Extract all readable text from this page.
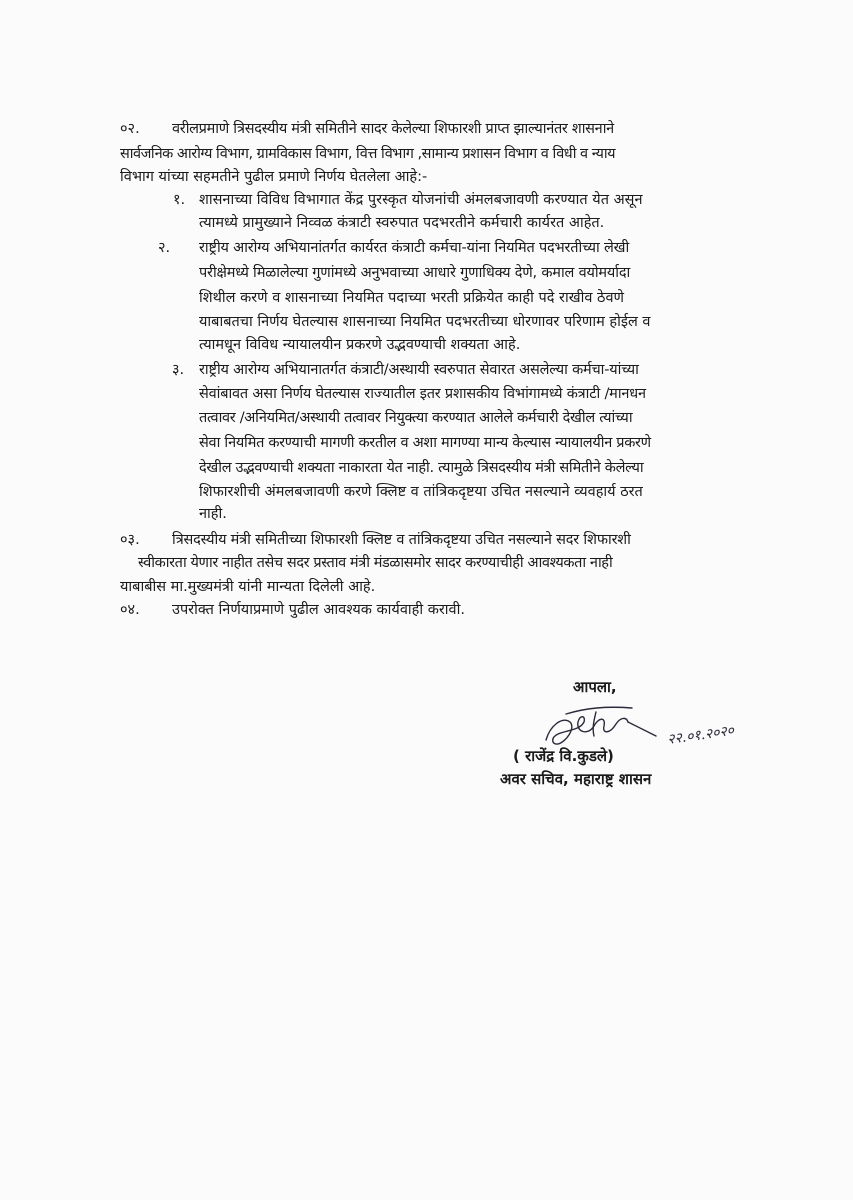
०२. वरीलप्रमाणे त्रिसदस्यीय मंत्री समितीने सादर केलेल्या शिफारशी प्राप्त झाल्यानंतर शासनाने
सार्वजनिक आरोग्य विभाग, ग्रामविकास विभाग, वित्त विभाग ,सामान्य प्रशासन विभाग व विधी व न्याय
विभाग यांच्या सहमतीने पुढील प्रमाणे निर्णय घेतलेला आहे:-
१. शासनाच्या विविध विभागात केंद्र पुरस्कृत योजनांची अंमलबजावणी करण्यात येत असून
त्यामध्ये प्रामुख्याने निव्वळ कंत्राटी स्वरुपात पदभरतीने कर्मचारी कार्यरत आहेत.
२. राष्ट्रीय आरोग्य अभियानांतर्गत कार्यरत कंत्राटी कर्मचा-यांना नियमित पदभरतीच्या लेखी
परीक्षेमध्ये मिळालेल्या गुणांमध्ये अनुभवाच्या आधारे गुणाधिक्य देणे, कमाल वयोमर्यादा
शिथील करणे व शासनाच्या नियमित पदाच्या भरती प्रक्रियेत काही पदे राखीव ठेवणे
याबाबतचा निर्णय घेतल्यास शासनाच्या नियमित पदभरतीच्या धोरणावर परिणाम होईल व
त्यामधून विविध न्यायालयीन प्रकरणे उद्भवण्याची शक्यता आहे.
३. राष्ट्रीय आरोग्य अभियानातर्गत कंत्राटी/अस्थायी स्वरुपात सेवारत असलेल्या कर्मचा-यांच्या
सेवांबावत असा निर्णय घेतल्यास राज्यातील इतर प्रशासकीय विभांगामध्ये कंत्राटी /मानधन
तत्वावर /अनियमित/अस्थायी तत्वावर नियुक्त्या करण्यात आलेले कर्मचारी देखील त्यांच्या
सेवा नियमित करण्याची मागणी करतील व अशा मागण्या मान्य केल्यास न्यायालयीन प्रकरणे
देखील उद्भवण्याची शक्यता नाकारता येत नाही. त्यामुळे त्रिसदस्यीय मंत्री समितीने केलेल्या
शिफारशीची अंमलबजावणी करणे क्लिष्ट व तांत्रिकदृष्टया उचित नसल्याने व्यवहार्य ठरत
नाही.
०३. त्रिसदस्यीय मंत्री समितीच्या शिफारशी क्लिष्ट व तांत्रिकदृष्टया उचित नसल्याने सदर शिफारशी
स्वीकारता येणार नाहीत तसेच सदर प्रस्ताव मंत्री मंडळासमोर सादर करण्याचीही आवश्यकता नाही
याबाबीस मा.मुख्यमंत्री यांनी मान्यता दिलेली आहे.
०४. उपरोक्त निर्णयाप्रमाणे पुढील आवश्यक कार्यवाही करावी.
आपला,
२२.०१.२०२०
( राजेंद्र वि.कुडले)
अवर सचिव, महाराष्ट्र शासन
